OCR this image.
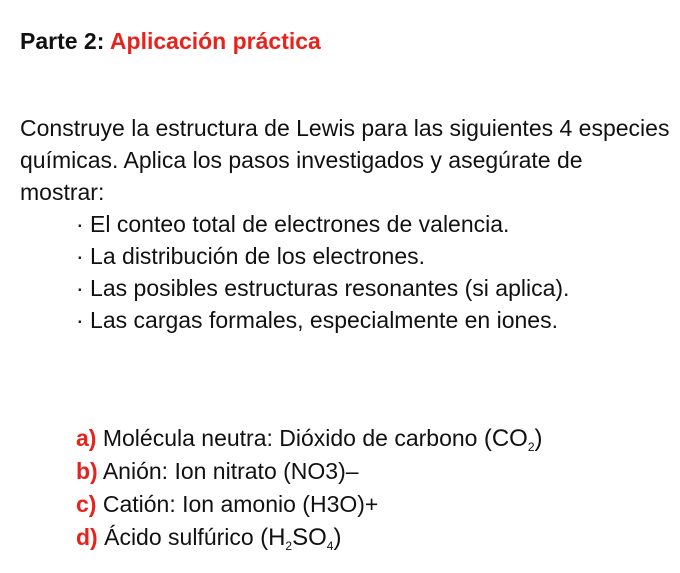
Parte 2: Aplicación práctica

Construye la estructura de Lewis para las siguientes 4 especies químicas. Aplica los pasos investigados y asegúrate de mostrar:

· El conteo total de electrones de valencia.

· La distribución de los electrones.

· Las posibles estructuras resonantes (si aplica).

· Las cargas formales, especialmente en iones.

a) Molécula neutra: Dióxido de carbono $(CO_2)$

b) Anión: Ion nitrato (NO3)–

c) Catión: Ion amonio (H3O)+

d) Ácido sulfúrico $(H_2SO_4)$
